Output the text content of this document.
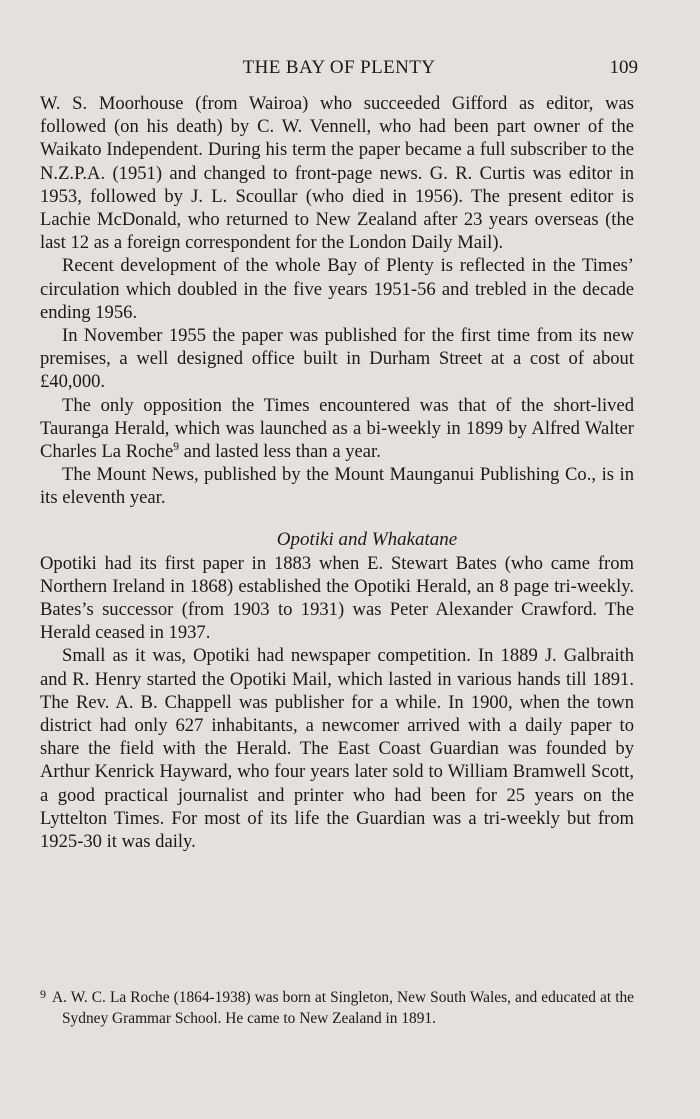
THE BAY OF PLENTY	109

W. S. Moorhouse (from Wairoa) who succeeded Gifford as editor, was followed (on his death) by C. W. Vennell, who had been part owner of the Waikato Independent. During his term the paper became a full subscriber to the N.Z.P.A. (1951) and changed to front-page news. G. R. Curtis was editor in 1953, followed by J. L. Scoullar (who died in 1956). The present editor is Lachie McDonald, who returned to New Zealand after 23 years overseas (the last 12 as a foreign correspondent for the London Daily Mail).

Recent development of the whole Bay of Plenty is reflected in the Times’ circulation which doubled in the five years 1951-56 and trebled in the decade ending 1956.

In November 1955 the paper was published for the first time from its new premises, a well designed office built in Durham Street at a cost of about £40,000.

The only opposition the Times encountered was that of the short-lived Tauranga Herald, which was launched as a bi-weekly in 1899 by Alfred Walter Charles La Roche$^9$ and lasted less than a year.

The Mount News, published by the Mount Maunganui Publishing Co., is in its eleventh year.

Opotiki and Whakatane

Opotiki had its first paper in 1883 when E. Stewart Bates (who came from Northern Ireland in 1868) established the Opotiki Herald, an 8 page tri-weekly. Bates’s successor (from 1903 to 1931) was Peter Alexander Crawford. The Herald ceased in 1937.

Small as it was, Opotiki had newspaper competition. In 1889 J. Galbraith and R. Henry started the Opotiki Mail, which lasted in various hands till 1891. The Rev. A. B. Chappell was publisher for a while. In 1900, when the town district had only 627 inhabitants, a newcomer arrived with a daily paper to share the field with the Herald. The East Coast Guardian was founded by Arthur Kenrick Hayward, who four years later sold to William Bramwell Scott, a good practical journalist and printer who had been for 25 years on the Lyttelton Times. For most of its life the Guardian was a tri-weekly but from 1925-30 it was daily.

$^9$ A. W. C. La Roche (1864-1938) was born at Singleton, New South Wales, and educated at the Sydney Grammar School. He came to New Zealand in 1891.
